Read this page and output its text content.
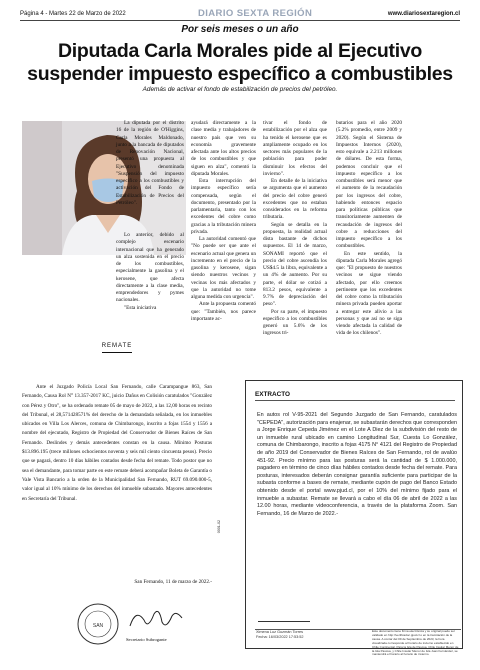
Página 4 - Martes 22 de Marzo de 2022	DIARIO SEXTA REGIÓN	www.diariosextaregion.cl
Por seis meses o un año
Diputada Carla Morales pide al Ejecutivo
suspender impuesto específico a combustibles
Además de activar el fondo de estabilización de precios del petróleo.

La diputada por el distrito 16 de la región de O'Higgins, Carla Morales Maldonado, junto a la bancada de diputados de Renovación Nacional, presentó una propuesta al Ejecutivo denominada "Suspensión del impuesto específico a los combustibles y activación del Fondo de Estabilización de Precios del Petróleo".

Lo anterior, debido al complejo escenario internacional que ha generado un alza sostenida en el precio de los combustibles, especialmente la gasolina y el kerosene, que afecta directamente a la clase media, emprendedores y pymes nacionales.

"Esta iniciativa

ayudará directamente a la clase media y trabajadores de nuestro país que ven su economía gravemente afectada ante los altos precios de los combustibles y que siguen en alza", comentó la diputada Morales.

Esta interrupción del impuesto específico sería compensada, según el documento, presentado por la parlamentaria, tanto con los excedentes del cobre como gracias a la tributación minera privada.

La autoridad comentó que "No puede ser que ante el escenario actual que genera un incremento en el precio de la gasolina y kerosene, sigan siendo nuestros vecinos y vecinas los más afectados y que la autoridad no tome alguna medida con urgencia".

Ante la propuesta comentó que: "También, nos parece importante ac-

tivar el fondo de estabilización por el alza que ha tenido el kerosene que es ampliamente ocupado en los sectores más populares de la población para poder disminuir los efectos del invierno".

En detalle de la iniciativa se argumenta que el aumento del precio del cobre generó excedentes que no estaban considerados en la reforma tributaria.

Según se detalla en la propuesta, la realidad actual dista bastante de dichos supuestos. El 14 de marzo, SONAMI reportó que el precio del cobre ascendía los US$4.5 la libra, equivalente a un 4% de aumento. Por su parte, el dólar se cotizó a 813.2 pesos, equivalente a 9.7% de depreciación del peso".

Por su parte, el impuesto específico a los combustibles generó un 5.6% de los ingresos tri-

butarios para el año 2020 (5.2% promedio, entre 2009 y 2020). Según el Sistema de Impuestos Internos (2020), esto equivale a 2.213 millones de dólares. De esta forma, podemos concluir que el impuesto específico a los combustibles será menor que el aumento de la recaudación por los ingresos del cobre, habiendo entonces espacio para políticas públicas que transitoriamente aumenten de recaudación de ingresos del cobre a reducciones del impuesto específico a los combustibles.

En este sentido, la diputada Carla Morales agregó que: "El propuesto de nuestros vecinos se sigue viendo afectado, por ello creemos pertinente que los excedentes del cobre como la tributación minera privada pueden aportar a entregar este alivio a las personas y que así no se siga viendo afectada la calidad de vida de los chilenos".

REMATE

Ante el Juzgado Policía Local San Fernando, calle Carampangue 863, San Fernando, Causa Rol N° 13.357-2017 KC, juicio Dañus en Colisión caratulados "González con Pérez y Otro", se ha ordenado remate 05 de mayo de 2022, a las 12,00 horas en recinto del Tribunal, el 28,571428571% del derecho de la demandada señalada, en los inmuebles ubicados en Villa Los Alerces, comuna de Chimbarongo, inscrito a fojas 1554 y 1556 a nombre del ejecutado, Registro de Propiedad del Conservador de Bienes Raíces de San Fernando. Deslindes y demás antecedentes constan en la causa. Mínimo Posturas $13.896.195 (trece millones ochocientos noventa y seis mil ciento cincuenta pesos). Precio que se pagará, dentro 10 días hábiles contados desde fecha del remate. Todo postor que no sea el demandante, para tomar parte en este remate deberá acompañar Boleta de Garantía o Vale Vista Bancario a la orden de la Municipalidad San Fernando, RUT 69.090.000-5, valor igual al 10% mínimo de los derechos del inmueble subastado. Mayores antecedentes en Secretaría del Tribunal.

San Fernando, 11 de marzo de 2022.-
SAN
Secretario Subrogante
0001-02
EXTRACTO
En autos rol V-95-2021 del Segundo Juzgado de San Fernando, caratulados "CEPEDA", autorización para enajenar, se subastarán derechos que corresponden a Jorge Enrique Cepeda Jiménez en el Lote A Diez de la subdivisión del resto de un inmueble rural ubicado en camino Longitudinal Sur, Cuesta Lo González, comuna de Chimbarongo, inscrito a fojas 4175 N° 4121 del Registro de Propiedad de año 2019 del Conservador de Bienes Raíces de San Fernando, rol de avalúo 451-92. Precio mínimo para las posturas será la cantidad de $ 1.000.000, pagadero en término de cinco días hábiles contados desde fecha del remate. Para posturas, interesados deberán consignar garantía suficiente para participar de la subasta conforme a bases de remate, mediante cupón de pago del Banco Estado obtenido desde el portal www.pjud.cl, por el 10% del mínimo fijado para el inmueble a subastar. Remate se llevará a cabo el día 06 de abril de 2022 a las 12.00 horas, mediante videoconferencia, a través de la plataforma Zoom. San Fernando, 16 de Marzo de 2022.-
Ximena Luz Guzmán Torres
Fecha: 16/03/2022 17:53:52
Este documento tiene firma electrónica y su original puede ser validado en http://verificadoc.pjud.cl o en la tramitación de la causa. A contar del 09 de Septiembre de 2023, la hora visualizada corresponde al horario de invierno establecido en Chile Continental. Para la Isla de Pascua, Chile Insular Menor de la Isla Pascua, y Chile Insular Menor de Isla Juan Fernández, se mantendrá el horario al horario de invierno.
